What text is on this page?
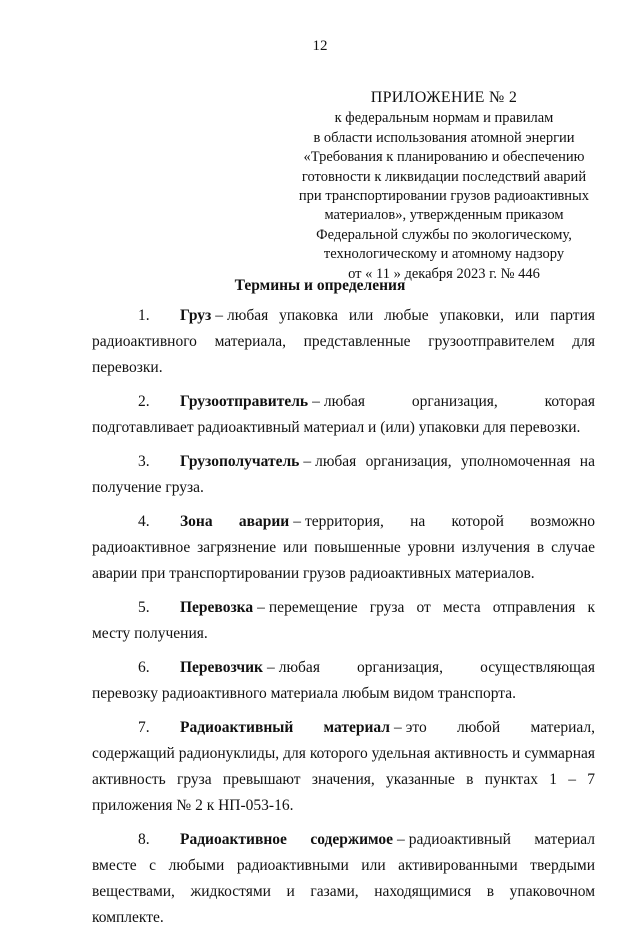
12
ПРИЛОЖЕНИЕ № 2
к федеральным нормам и правилам
в области использования атомной энергии
«Требования к планированию и обеспечению
готовности к ликвидации последствий аварий
при транспортировании грузов радиоактивных
материалов», утвержденным приказом
Федеральной службы по экологическому,
технологическому и атомному надзору
от « 11 » декабря 2023 г. № 446
Термины и определения

1. Груз – любая упаковка или любые упаковки, или партия радиоактивного материала, представленные грузоотправителем для перевозки.

2. Грузоотправитель – любая организация, которая подготавливает радиоактивный материал и (или) упаковки для перевозки.

3. Грузополучатель – любая организация, уполномоченная на получение груза.

4. Зона аварии – территория, на которой возможно радиоактивное загрязнение или повышенные уровни излучения в случае аварии при транспортировании грузов радиоактивных материалов.

5. Перевозка – перемещение груза от места отправления к месту получения.

6. Перевозчик – любая организация, осуществляющая перевозку радиоактивного материала любым видом транспорта.

7. Радиоактивный материал – это любой материал, содержащий радионуклиды, для которого удельная активность и суммарная активность груза превышают значения, указанные в пунктах 1 – 7 приложения № 2 к НП-053-16.

8. Радиоактивное содержимое – радиоактивный материал вместе с любыми радиоактивными или активированными твердыми веществами, жидкостями и газами, находящимися в упаковочном комплекте.
